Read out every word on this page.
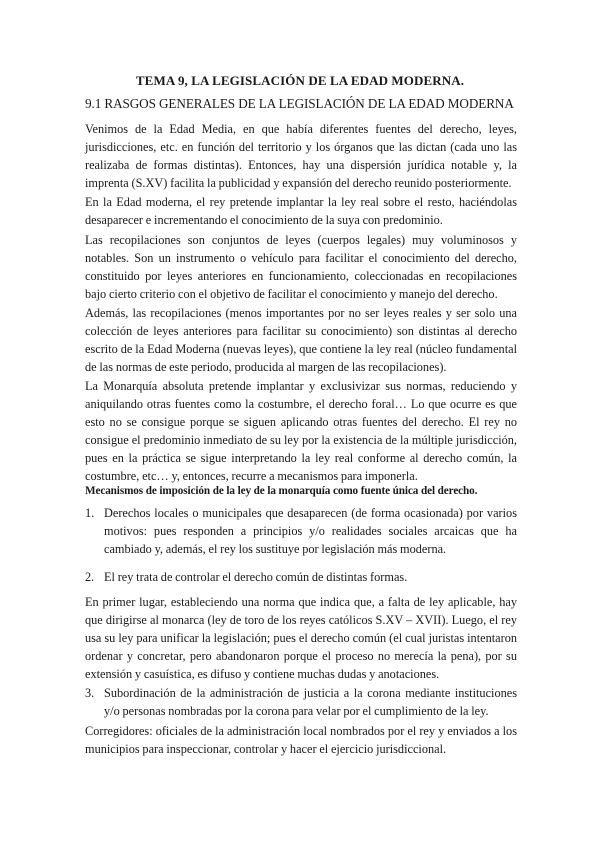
TEMA 9, LA LEGISLACIÓN DE LA EDAD MODERNA.
9.1 RASGOS GENERALES DE LA LEGISLACIÓN DE LA EDAD MODERNA

Venimos de la Edad Media, en que había diferentes fuentes del derecho, leyes, jurisdicciones, etc. en función del territorio y los órganos que las dictan (cada uno las realizaba de formas distintas). Entonces, hay una dispersión jurídica notable y, la imprenta (S.XV) facilita la publicidad y expansión del derecho reunido posteriormente.

En la Edad moderna, el rey pretende implantar la ley real sobre el resto, haciéndolas desaparecer e incrementando el conocimiento de la suya con predominio.

Las recopilaciones son conjuntos de leyes (cuerpos legales) muy voluminosos y notables. Son un instrumento o vehículo para facilitar el conocimiento del derecho, constituido por leyes anteriores en funcionamiento, coleccionadas en recopilaciones bajo cierto criterio con el objetivo de facilitar el conocimiento y manejo del derecho.

Además, las recopilaciones (menos importantes por no ser leyes reales y ser solo una colección de leyes anteriores para facilitar su conocimiento) son distintas al derecho escrito de la Edad Moderna (nuevas leyes), que contiene la ley real (núcleo fundamental de las normas de este periodo, producida al margen de las recopilaciones).

La Monarquía absoluta pretende implantar y exclusivizar sus normas, reduciendo y aniquilando otras fuentes como la costumbre, el derecho foral… Lo que ocurre es que esto no se consigue porque se siguen aplicando otras fuentes del derecho. El rey no consigue el predominio inmediato de su ley por la existencia de la múltiple jurisdicción, pues en la práctica se sigue interpretando la ley real conforme al derecho común, la costumbre, etc… y, entonces, recurre a mecanismos para imponerla.

Mecanismos de imposición de la ley de la monarquía como fuente única del derecho.
1. Derechos locales o municipales que desaparecen (de forma ocasionada) por varios motivos: pues responden a principios y/o realidades sociales arcaicas que ha cambiado y, además, el rey los sustituye por legislación más moderna.
2. El rey trata de controlar el derecho común de distintas formas.

En primer lugar, estableciendo una norma que indica que, a falta de ley aplicable, hay que dirigirse al monarca (ley de toro de los reyes católicos S.XV – XVII). Luego, el rey usa su ley para unificar la legislación; pues el derecho común (el cual juristas intentaron ordenar y concretar, pero abandonaron porque el proceso no merecía la pena), por su extensión y casuística, es difuso y contiene muchas dudas y anotaciones.

3. Subordinación de la administración de justicia a la corona mediante instituciones y/o personas nombradas por la corona para velar por el cumplimiento de la ley.

Corregidores: oficiales de la administración local nombrados por el rey y enviados a los municipios para inspeccionar, controlar y hacer el ejercicio jurisdiccional.
